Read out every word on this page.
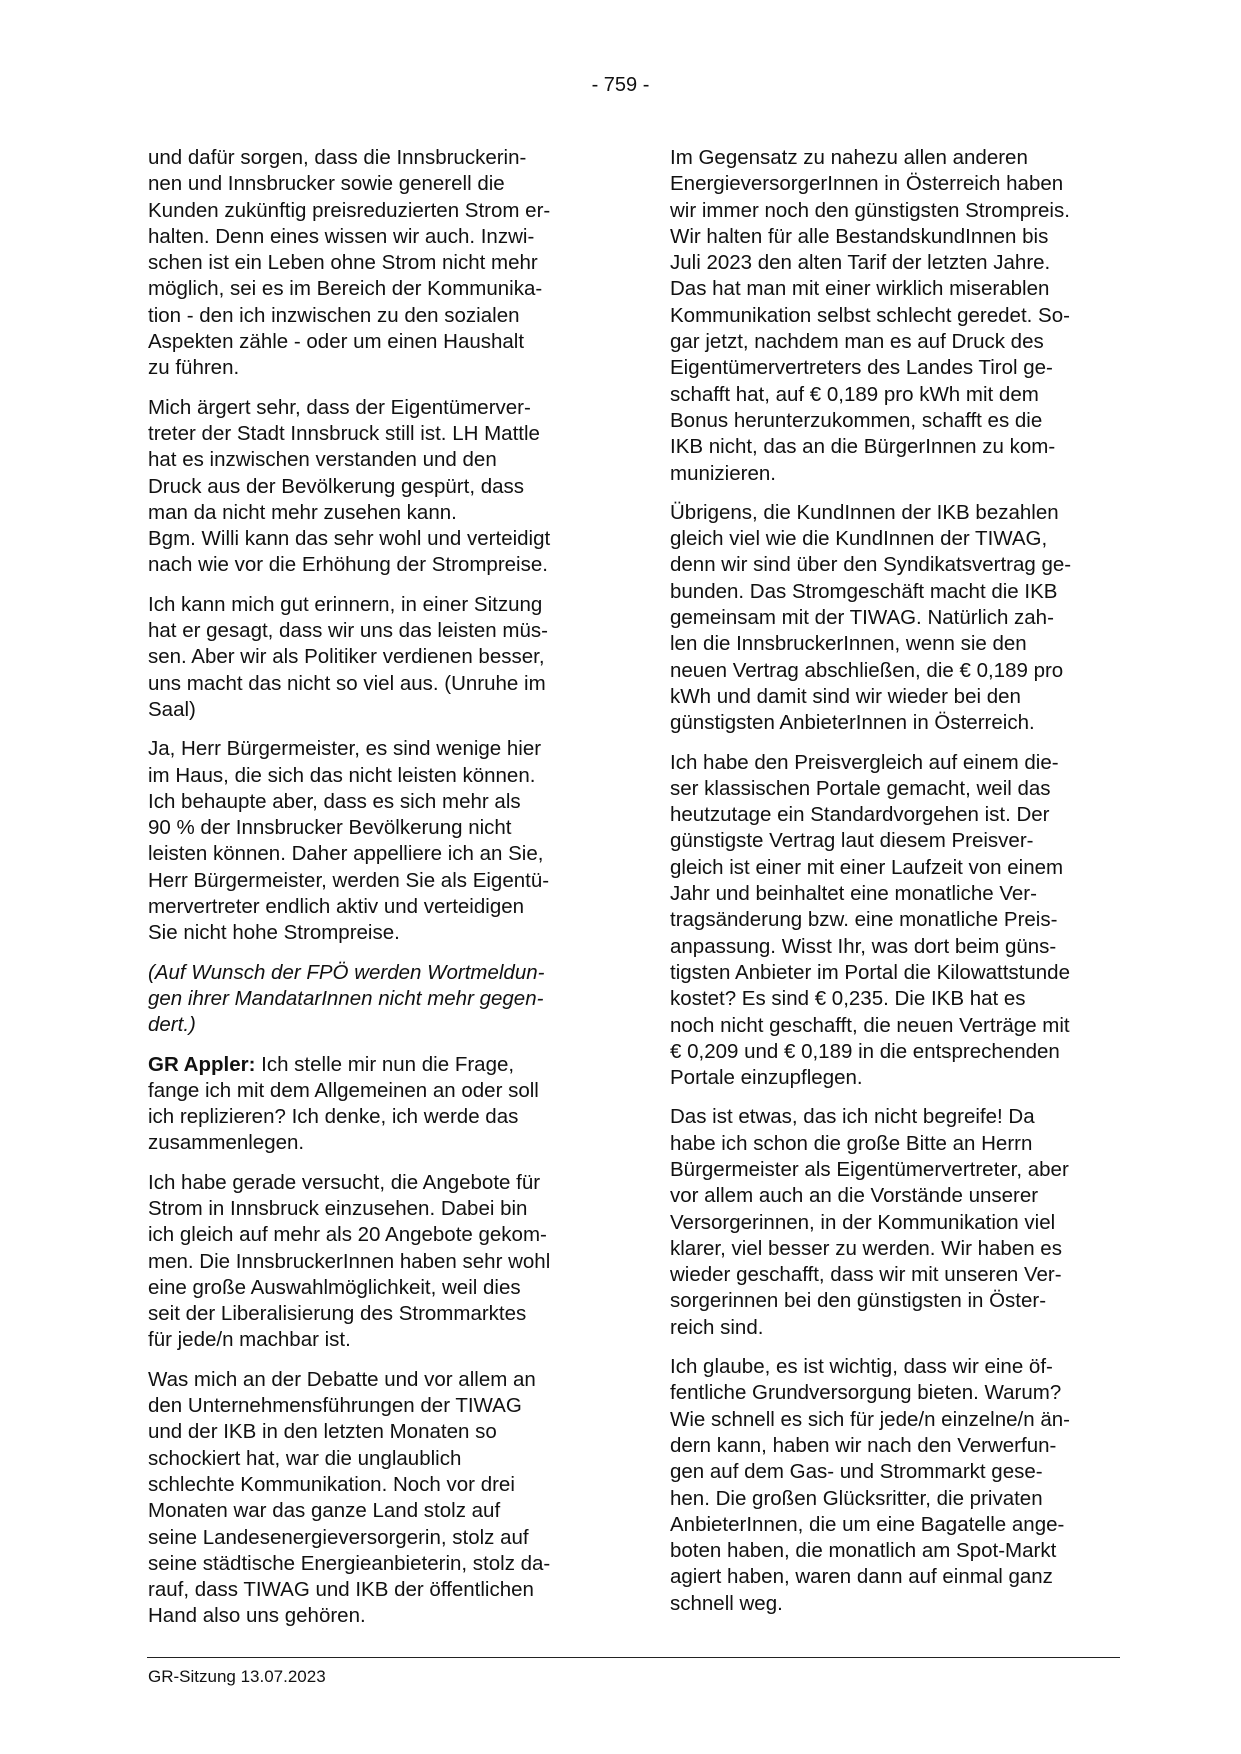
- 759 -

und dafür sorgen, dass die Innsbruckerin-
nen und Innsbrucker sowie generell die
Kunden zukünftig preisreduzierten Strom er-
halten. Denn eines wissen wir auch. Inzwi-
schen ist ein Leben ohne Strom nicht mehr
möglich, sei es im Bereich der Kommunika-
tion - den ich inzwischen zu den sozialen
Aspekten zähle - oder um einen Haushalt
zu führen.

Mich ärgert sehr, dass der Eigentümerver-
treter der Stadt Innsbruck still ist. LH Mattle
hat es inzwischen verstanden und den
Druck aus der Bevölkerung gespürt, dass
man da nicht mehr zusehen kann.
Bgm. Willi kann das sehr wohl und verteidigt
nach wie vor die Erhöhung der Strompreise.

Ich kann mich gut erinnern, in einer Sitzung
hat er gesagt, dass wir uns das leisten müs-
sen. Aber wir als Politiker verdienen besser,
uns macht das nicht so viel aus. (Unruhe im
Saal)

Ja, Herr Bürgermeister, es sind wenige hier
im Haus, die sich das nicht leisten können.
Ich behaupte aber, dass es sich mehr als
90 % der Innsbrucker Bevölkerung nicht
leisten können. Daher appelliere ich an Sie,
Herr Bürgermeister, werden Sie als Eigentü-
mervertreter endlich aktiv und verteidigen
Sie nicht hohe Strompreise.

(Auf Wunsch der FPÖ werden Wortmeldun-
gen ihrer MandatarInnen nicht mehr gegen-
dert.)

GR Appler: Ich stelle mir nun die Frage,
fange ich mit dem Allgemeinen an oder soll
ich replizieren? Ich denke, ich werde das
zusammenlegen.

Ich habe gerade versucht, die Angebote für
Strom in Innsbruck einzusehen. Dabei bin
ich gleich auf mehr als 20 Angebote gekom-
men. Die InnsbruckerInnen haben sehr wohl
eine große Auswahlmöglichkeit, weil dies
seit der Liberalisierung des Strommarktes
für jede/n machbar ist.

Was mich an der Debatte und vor allem an
den Unternehmensführungen der TIWAG
und der IKB in den letzten Monaten so
schockiert hat, war die unglaublich
schlechte Kommunikation. Noch vor drei
Monaten war das ganze Land stolz auf
seine Landesenergieversorgerin, stolz auf
seine städtische Energieanbieterin, stolz da-
rauf, dass TIWAG und IKB der öffentlichen
Hand also uns gehören.

Im Gegensatz zu nahezu allen anderen
EnergieversorgerInnen in Österreich haben
wir immer noch den günstigsten Strompreis.
Wir halten für alle BestandskundInnen bis
Juli 2023 den alten Tarif der letzten Jahre.
Das hat man mit einer wirklich miserablen
Kommunikation selbst schlecht geredet. So-
gar jetzt, nachdem man es auf Druck des
Eigentümervertreters des Landes Tirol ge-
schafft hat, auf € 0,189 pro kWh mit dem
Bonus herunterzukommen, schafft es die
IKB nicht, das an die BürgerInnen zu kom-
munizieren.

Übrigens, die KundInnen der IKB bezahlen
gleich viel wie die KundInnen der TIWAG,
denn wir sind über den Syndikatsvertrag ge-
bunden. Das Stromgeschäft macht die IKB
gemeinsam mit der TIWAG. Natürlich zah-
len die InnsbruckerInnen, wenn sie den
neuen Vertrag abschließen, die € 0,189 pro
kWh und damit sind wir wieder bei den
günstigsten AnbieterInnen in Österreich.

Ich habe den Preisvergleich auf einem die-
ser klassischen Portale gemacht, weil das
heutzutage ein Standardvorgehen ist. Der
günstigste Vertrag laut diesem Preisver-
gleich ist einer mit einer Laufzeit von einem
Jahr und beinhaltet eine monatliche Ver-
tragsänderung bzw. eine monatliche Preis-
anpassung. Wisst Ihr, was dort beim güns-
tigsten Anbieter im Portal die Kilowattstunde
kostet? Es sind € 0,235. Die IKB hat es
noch nicht geschafft, die neuen Verträge mit
€ 0,209 und € 0,189 in die entsprechenden
Portale einzupflegen.

Das ist etwas, das ich nicht begreife! Da
habe ich schon die große Bitte an Herrn
Bürgermeister als Eigentümervertreter, aber
vor allem auch an die Vorstände unserer
Versorgerinnen, in der Kommunikation viel
klarer, viel besser zu werden. Wir haben es
wieder geschafft, dass wir mit unseren Ver-
sorgerinnen bei den günstigsten in Öster-
reich sind.

Ich glaube, es ist wichtig, dass wir eine öf-
fentliche Grundversorgung bieten. Warum?
Wie schnell es sich für jede/n einzelne/n än-
dern kann, haben wir nach den Verwerfun-
gen auf dem Gas- und Strommarkt gese-
hen. Die großen Glücksritter, die privaten
AnbieterInnen, die um eine Bagatelle ange-
boten haben, die monatlich am Spot-Markt
agiert haben, waren dann auf einmal ganz
schnell weg.

GR-Sitzung 13.07.2023
